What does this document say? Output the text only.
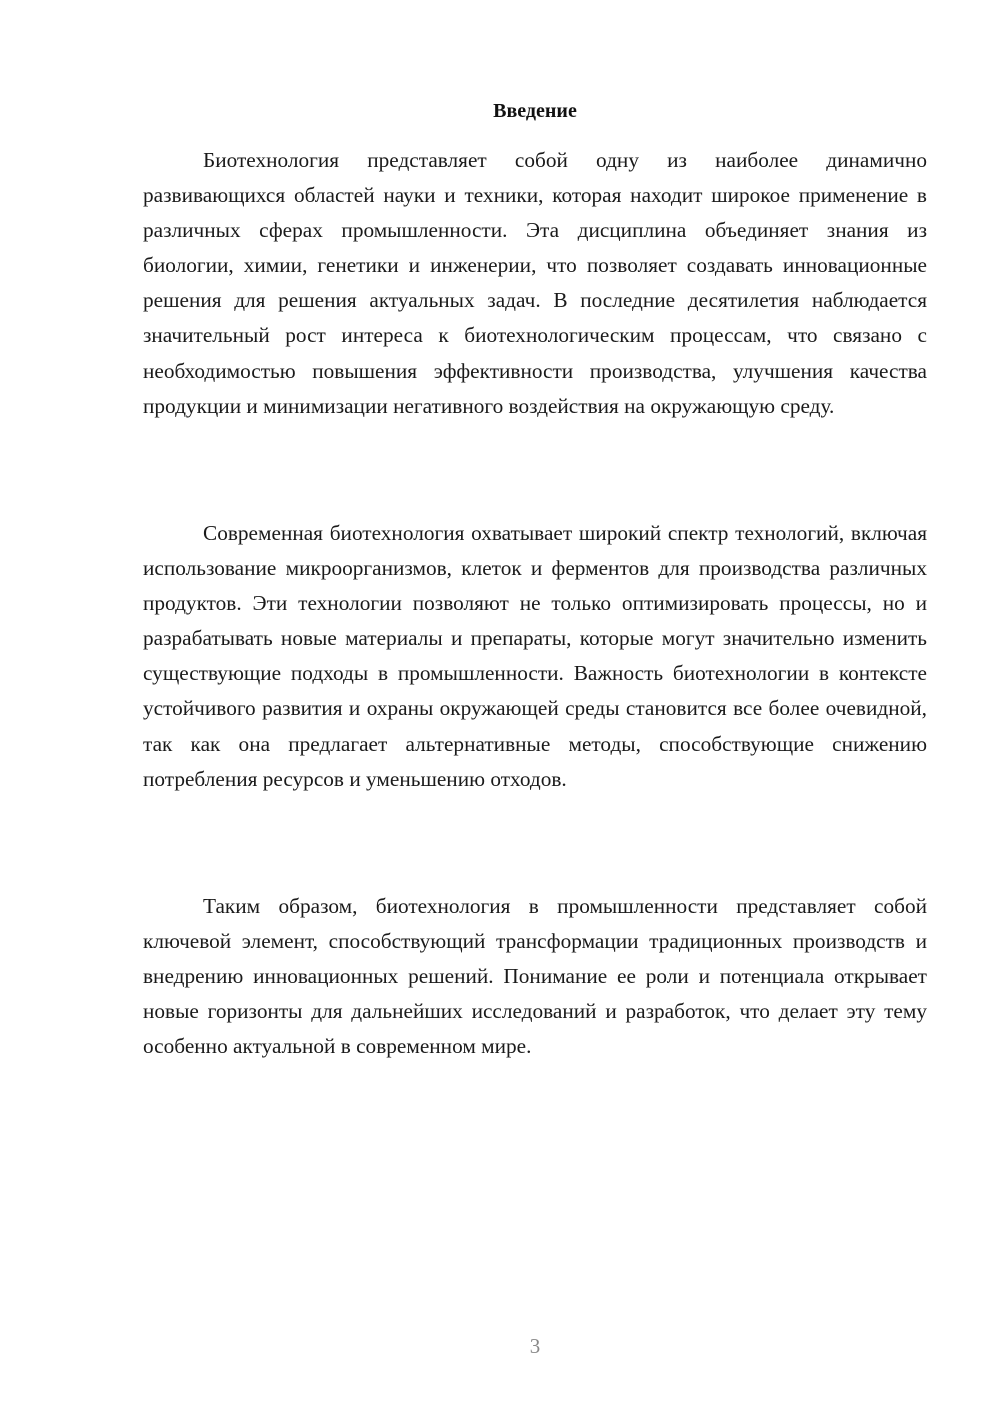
Введение

Биотехнология представляет собой одну из наиболее динамично развивающихся областей науки и техники, которая находит широкое применение в различных сферах промышленности. Эта дисциплина объединяет знания из биологии, химии, генетики и инженерии, что позволяет создавать инновационные решения для решения актуальных задач. В последние десятилетия наблюдается значительный рост интереса к биотехнологическим процессам, что связано с необходимостью повышения эффективности производства, улучшения качества продукции и минимизации негативного воздействия на окружающую среду.

Современная биотехнология охватывает широкий спектр технологий, включая использование микроорганизмов, клеток и ферментов для производства различных продуктов. Эти технологии позволяют не только оптимизировать процессы, но и разрабатывать новые материалы и препараты, которые могут значительно изменить существующие подходы в промышленности. Важность биотехнологии в контексте устойчивого развития и охраны окружающей среды становится все более очевидной, так как она предлагает альтернативные методы, способствующие снижению потребления ресурсов и уменьшению отходов.

Таким образом, биотехнология в промышленности представляет собой ключевой элемент, способствующий трансформации традиционных производств и внедрению инновационных решений. Понимание ее роли и потенциала открывает новые горизонты для дальнейших исследований и разработок, что делает эту тему особенно актуальной в современном мире.

3
